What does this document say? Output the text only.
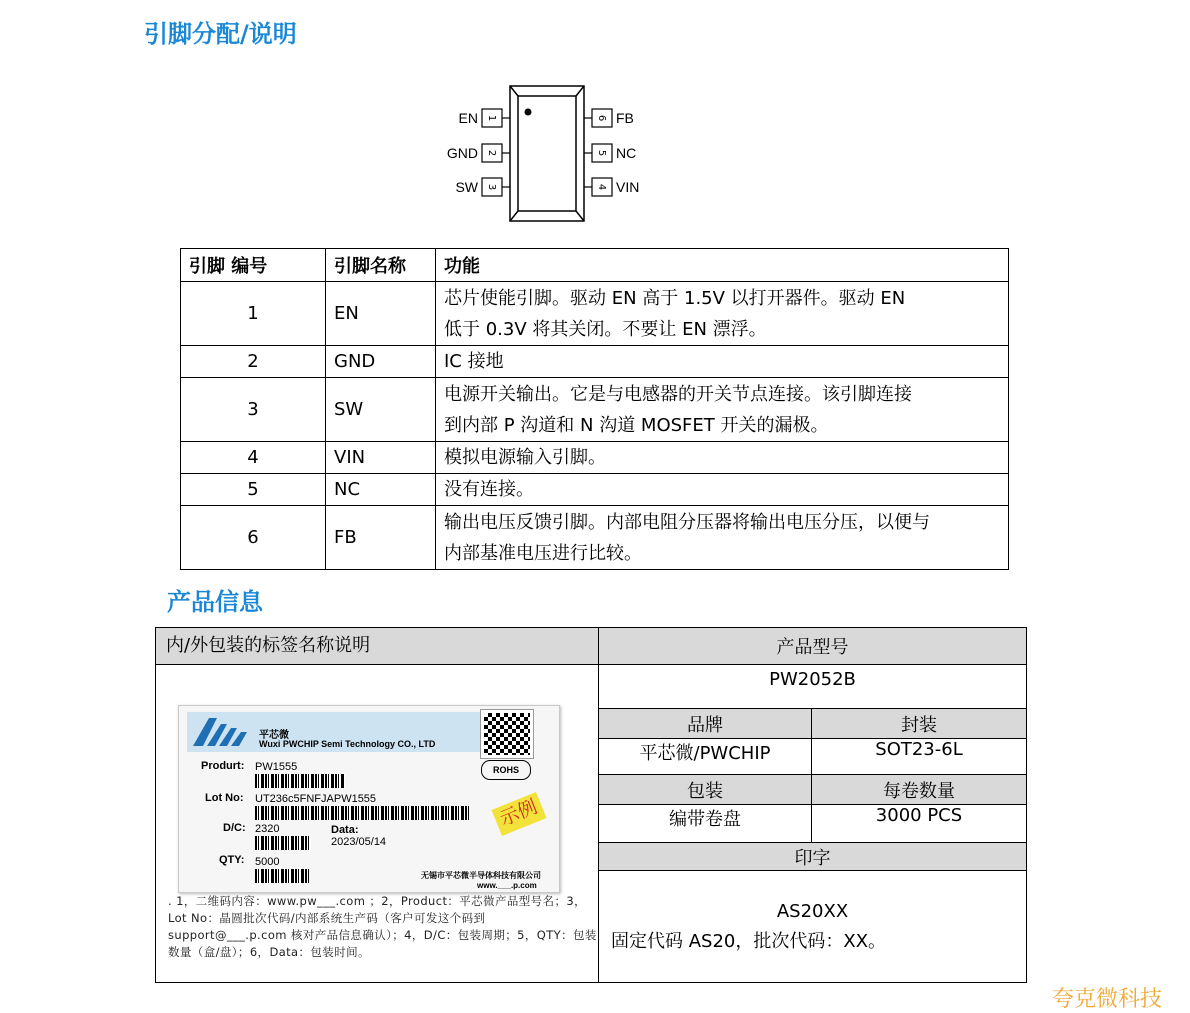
引脚分配/说明
1
EN
2
GND
3
SW
6 FB
5 NC
4 VIN
引脚 编号	引脚名称	功能
1	EN	芯片使能引脚。驱动 EN 高于 1.5V 以打开器件。驱动 EN
低于 0.3V 将其关闭。不要让 EN 漂浮。
2	GND	IC 接地
3	SW	电源开关输出。它是与电感器的开关节点连接。该引脚连接
到内部 P 沟道和 N 沟道 MOSFET 开关的漏极。
4	VIN	模拟电源输入引脚。
5	NC	没有连接。
6	FB	输出电压反馈引脚。内部电阻分压器将输出电压分压，以便与
内部基准电压进行比较。
产品信息
内/外包装的标签名称说明
平芯微
Wuxi PWCHIP Semi Technology CO., LTD
Produrt: PW1555
Lot No: UT236c5FNFJAPW1555
D/C: 2320	Data:
2023/05/14
QTY: 5000
ROHS
示例
无锡市平芯微半导体科技有限公司
www.___.p.com
. 1，二维码内容：www.pw___.com ；2，Product：平芯微产品型号名；3，Lot No：晶圆批次代码/内部系统生产码（客户可发这个码到support@___.p.com 核对产品信息确认）；4，D/C：包装周期；5，QTY：包装数量（盒/盘）；6，Data：包装时间。
产品型号
PW2052B
品牌	封装
平芯微/PWCHIP	SOT23-6L
包装	每卷数量
编带卷盘	3000 PCS
印字
AS20XX
固定代码 AS20，批次代码：XX。
夸克微科技
